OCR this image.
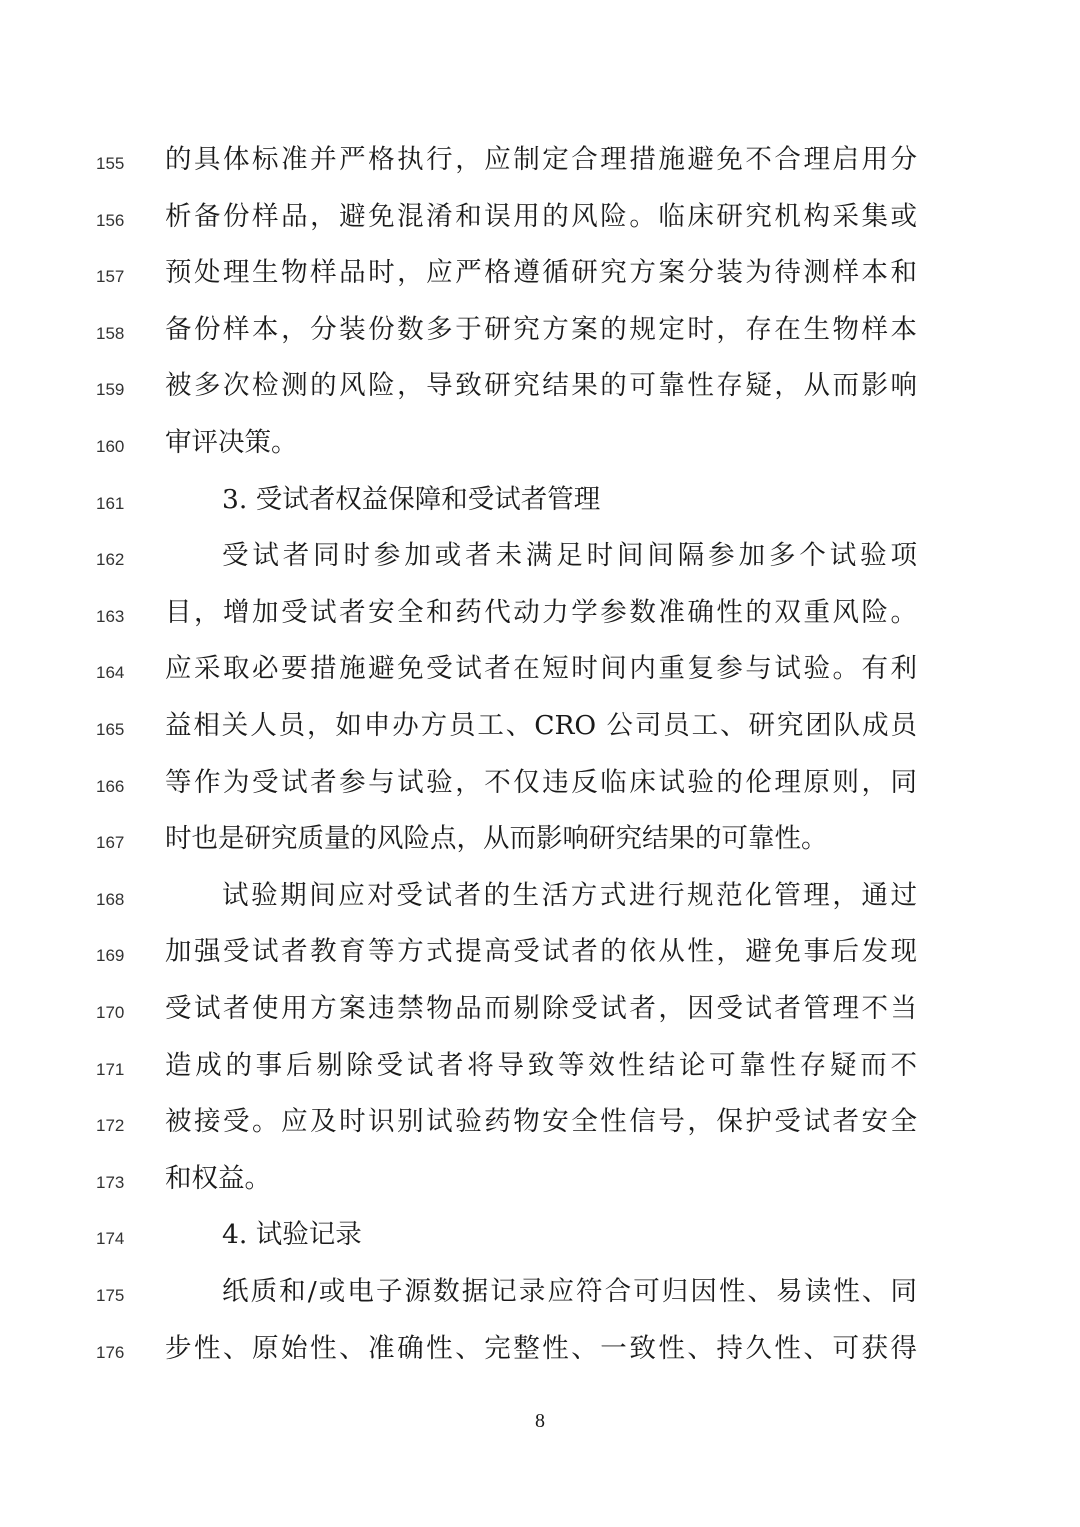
155	的具体标准并严格执行，应制定合理措施避免不合理启用分
156	析备份样品，避免混淆和误用的风险。临床研究机构采集或
157	预处理生物样品时，应严格遵循研究方案分装为待测样本和
158	备份样本，分装份数多于研究方案的规定时，存在生物样本
159	被多次检测的风险，导致研究结果的可靠性存疑，从而影响
160	审评决策。
161	3. 受试者权益保障和受试者管理
162	受试者同时参加或者未满足时间间隔参加多个试验项
163	目，增加受试者安全和药代动力学参数准确性的双重风险。
164	应采取必要措施避免受试者在短时间内重复参与试验。有利
165	益相关人员，如申办方员工、CRO 公司员工、研究团队成员
166	等作为受试者参与试验，不仅违反临床试验的伦理原则，同
167	时也是研究质量的风险点，从而影响研究结果的可靠性。
168	试验期间应对受试者的生活方式进行规范化管理，通过
169	加强受试者教育等方式提高受试者的依从性，避免事后发现
170	受试者使用方案违禁物品而剔除受试者，因受试者管理不当
171	造成的事后剔除受试者将导致等效性结论可靠性存疑而不
172	被接受。应及时识别试验药物安全性信号，保护受试者安全
173	和权益。
174	4. 试验记录
175	纸质和/或电子源数据记录应符合可归因性、易读性、同
176	步性、原始性、准确性、完整性、一致性、持久性、可获得
8
